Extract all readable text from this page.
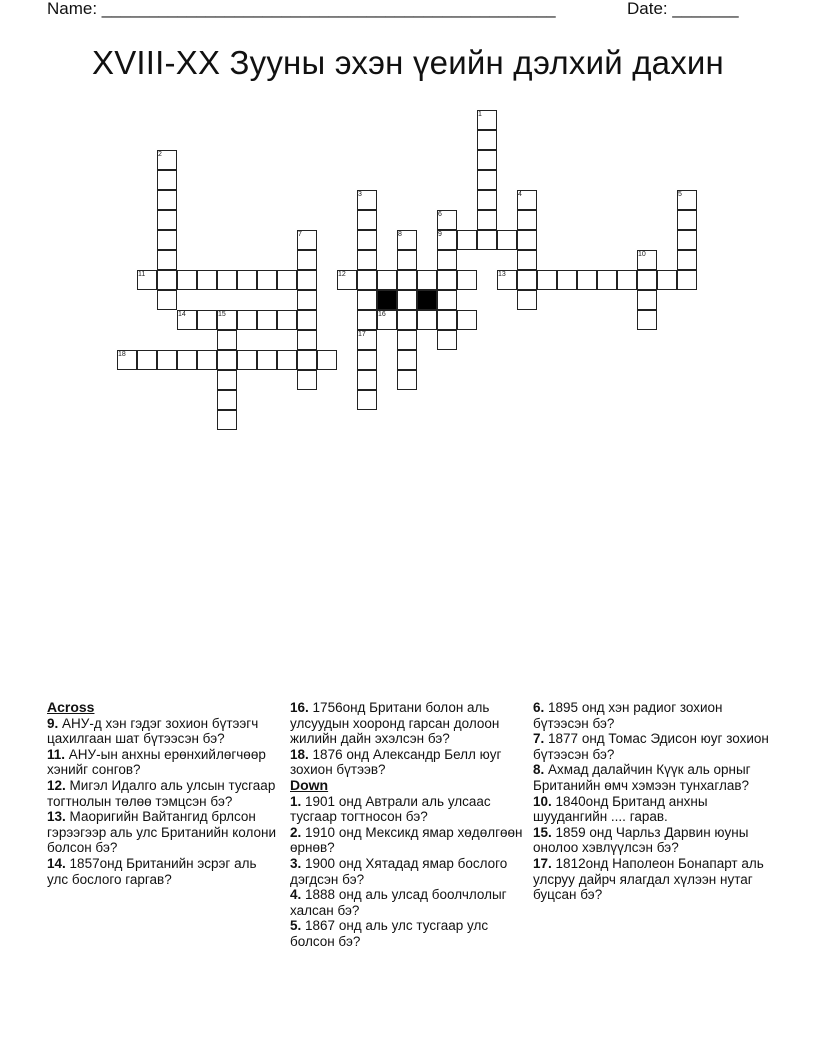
Name: ________________________________________________	Date: _______
XVIII-XX Зууны эхэн үеийн дэлхий дахин
1
2
3	4	5
6
7	8	9
10
11	12	13
14	15	16
17
18
Across
9. АНУ-д хэн гэдэг зохион бүтээгч цахилгаан шат бүтээсэн бэ?
11. АНУ-ын анхны ерөнхийлөгчөөр хэнийг сонгов?
12. Мигэл Идалго аль улсын тусгаар тогтнолын төлөө тэмцсэн бэ?
13. Маоригийн Вайтангид брлсон гэрээгээр аль улс Британийн колони болсон бэ?
14. 1857онд Британийн эсрэг аль улс бослого гаргав?
16. 1756онд Британи болон аль улсуудын хооронд гарсан долоон жилийн дайн эхэлсэн бэ?
18. 1876 онд Александр Белл юуг зохион бүтээв?
Down
1. 1901 онд Автрали аль улсаас тусгаар тогтносон бэ?
2. 1910 онд Мексикд ямар хөдөлгөөн өрнөв?
3. 1900 онд Хятадад ямар бослого дэгдсэн бэ?
4. 1888 онд аль улсад боолчлолыг халсан бэ?
5. 1867 онд аль улс тусгаар улс болсон бэ?
6. 1895 онд хэн радиог зохион бүтээсэн бэ?
7. 1877 онд Томас Эдисон юуг зохион бүтээсэн бэ?
8. Ахмад далайчин Күүк аль орныг Британийн өмч хэмээн тунхаглав?
10. 1840онд Британд анхны шуудангийн .... гарав.
15. 1859 онд Чарльз Дарвин юуны онолоо хэвлүүлсэн бэ?
17. 1812онд Наполеон Бонапарт аль улсруу дайрч ялагдал хүлээн нутаг буцсан бэ?
